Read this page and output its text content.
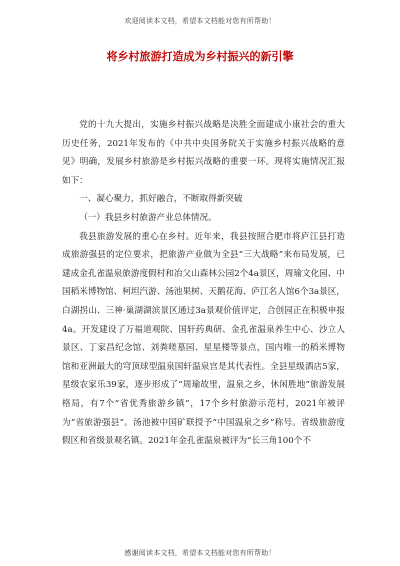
欢迎阅读本文档，希望本文档能对您有所帮助！
将乡村旅游打造成为乡村振兴的新引擎

党的十九大提出，实施乡村振兴战略是决胜全面建成小康社会的重大历史任务，2021年发布的《中共中央国务院关于实施乡村振兴战略的意见》明确，发展乡村旅游是乡村振兴战略的重要一环。现将实施情况汇报如下：

一、凝心聚力，抓好融合，不断取得新突破

（一）我县乡村旅游产业总体情况。

我县旅游发展的重心在乡村。近年来，我县按照合肥市将庐江县打造成旅游强县的定位要求，把旅游产业做为全县“三大战略”来布局发展，已建成金孔雀温泉旅游度假村和冶父山森林公园2个4a景区，周瑜文化园、中国稻米博物馆、柯坦汽游、汤池果树、天鹅花海、庐江名人馆6个3a景区，白湖拐山、三神·巢湖湖滨景区通过3a景观价值评定，合创园正在积极申报4a。开发建设了万福道观院、国轩药典研、金孔雀温泉养生中心、沙立人景区、丁家昌纪念馆、刘粪嗟墓园、星星楼等景点，国内唯一的稻米博物馆和亚洲最大的穹顶球型温泉国轩温泉宫是其代表性。全县星级酒店5家，星级农家乐39家，逐步形成了“周瑜故里，温泉之乡，休闲胜地”旅游发展格局，有7个“省优秀旅游乡镇”，17个乡村旅游示范村，2021年被评为“省旅游强县”。汤池被中国矿联授予“中国温泉之乡”称号。省级旅游度假区和省级景观名镇。2021年金孔雀温泉被评为“长三角100个不

感谢阅读本文档，希望本文档能对您有所帮助！
